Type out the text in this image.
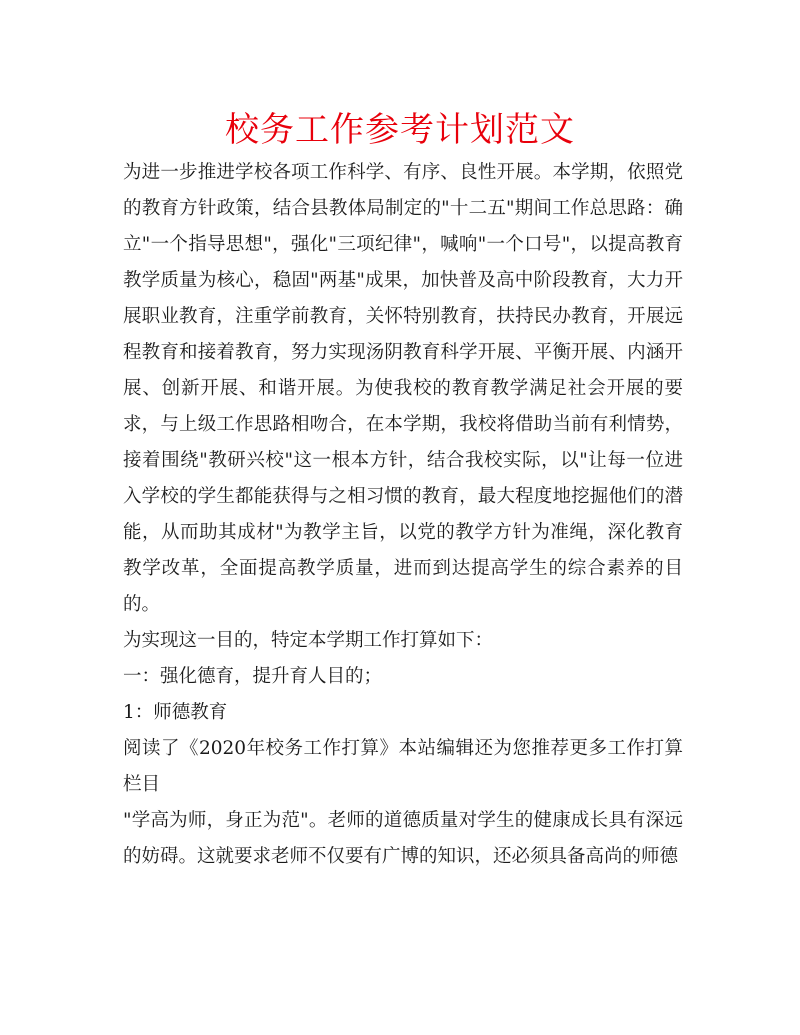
校务工作参考计划范文

为进一步推进学校各项工作科学、有序、良性开展。本学期，依照党的教育方针政策，结合县教体局制定的"十二五"期间工作总思路：确立"一个指导思想"，强化"三项纪律"，喊响"一个口号"，以提高教育教学质量为核心，稳固"两基"成果，加快普及高中阶段教育，大力开展职业教育，注重学前教育，关怀特别教育，扶持民办教育，开展远程教育和接着教育，努力实现汤阴教育科学开展、平衡开展、内涵开展、创新开展、和谐开展。为使我校的教育教学满足社会开展的要求，与上级工作思路相吻合，在本学期，我校将借助当前有利情势，接着围绕"教研兴校"这一根本方针，结合我校实际，以"让每一位进入学校的学生都能获得与之相习惯的教育，最大程度地挖掘他们的潜能，从而助其成材"为教学主旨，以党的教学方针为准绳，深化教育教学改革，全面提高教学质量，进而到达提高学生的综合素养的目的。

为实现这一目的，特定本学期工作打算如下：

一：强化德育，提升育人目的；

1：师德教育

阅读了《2020年校务工作打算》本站编辑还为您推荐更多工作打算栏目

"学高为师，身正为范"。老师的道德质量对学生的健康成长具有深远的妨碍。这就要求老师不仅要有广博的知识，还必须具备高尚的师德
